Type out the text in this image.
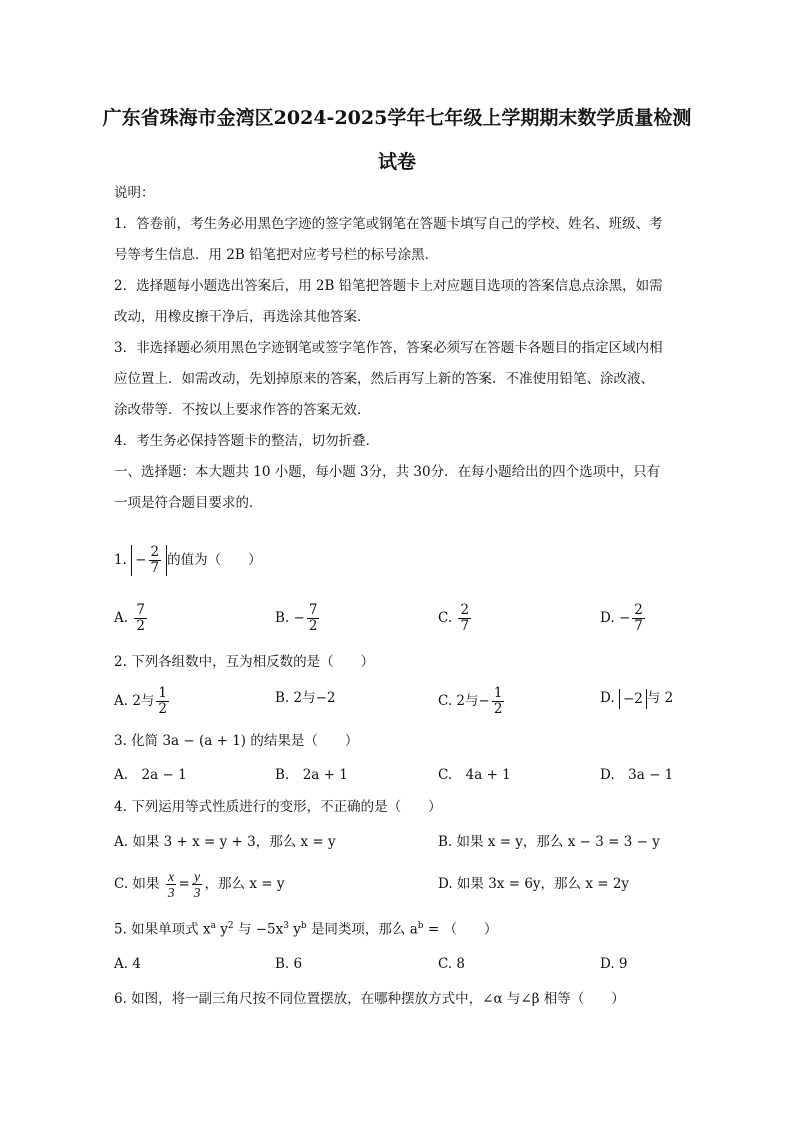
广东省珠海市金湾区2024-2025学年七年级上学期期末数学质量检测
试卷
说明：
1．答卷前，考生务必用黑色字迹的签字笔或钢笔在答题卡填写自己的学校、姓名、班级、考
号等考生信息．用 2B 铅笔把对应考号栏的标号涂黑．
2．选择题每小题选出答案后，用 2B 铅笔把答题卡上对应题目选项的答案信息点涂黑，如需
改动，用橡皮擦干净后，再选涂其他答案．
3．非选择题必须用黑色字迹钢笔或签字笔作答，答案必须写在答题卡各题目的指定区域内相
应位置上．如需改动，先划掉原来的答案，然后再写上新的答案．不准使用铅笔、涂改液、
涂改带等．不按以上要求作答的答案无效．
4．考生务必保持答题卡的整洁，切勿折叠．
一、选择题：本大题共 10 小题，每小题 3分，共 30分．在每小题给出的四个选项中，只有
一项是符合题目要求的．
1. − $\frac{2}{7}$ 的值为（　　）
A. $\frac{7}{2}$	B. − $\frac{7}{2}$	C. $\frac{2}{7}$	D. − $\frac{2}{7}$
2. 下列各组数中，互为相反数的是（　　）
A. 2与 $\frac{1}{2}$	B. 2与−2	C. 2与− $\frac{1}{2}$	D. −2 与 2
3. 化简 3a − (a + 1) 的结果是（　　）
A.　2a − 1	B.　2a + 1	C.　4a + 1	D.　3a − 1
4. 下列运用等式性质进行的变形，不正确的是（　　）
A. 如果 3 + x = y + 3，那么 x = y	B. 如果 x = y，那么 x − 3 = 3 − y
C. 如果 $\frac{x}{3} = \frac{y}{3}$ ，那么 x = y	D. 如果 3x = 6y，那么 x = 2y
5. 如果单项式 $x^a$ $y^2$ 与 $-5x^3$ $y^b$ 是同类项，那么 $a^b$ = （　　）
A. 4	B. 6	C. 8	D. 9
6. 如图，将一副三角尺按不同位置摆放，在哪种摆放方式中，∠α 与∠β 相等（　　）
